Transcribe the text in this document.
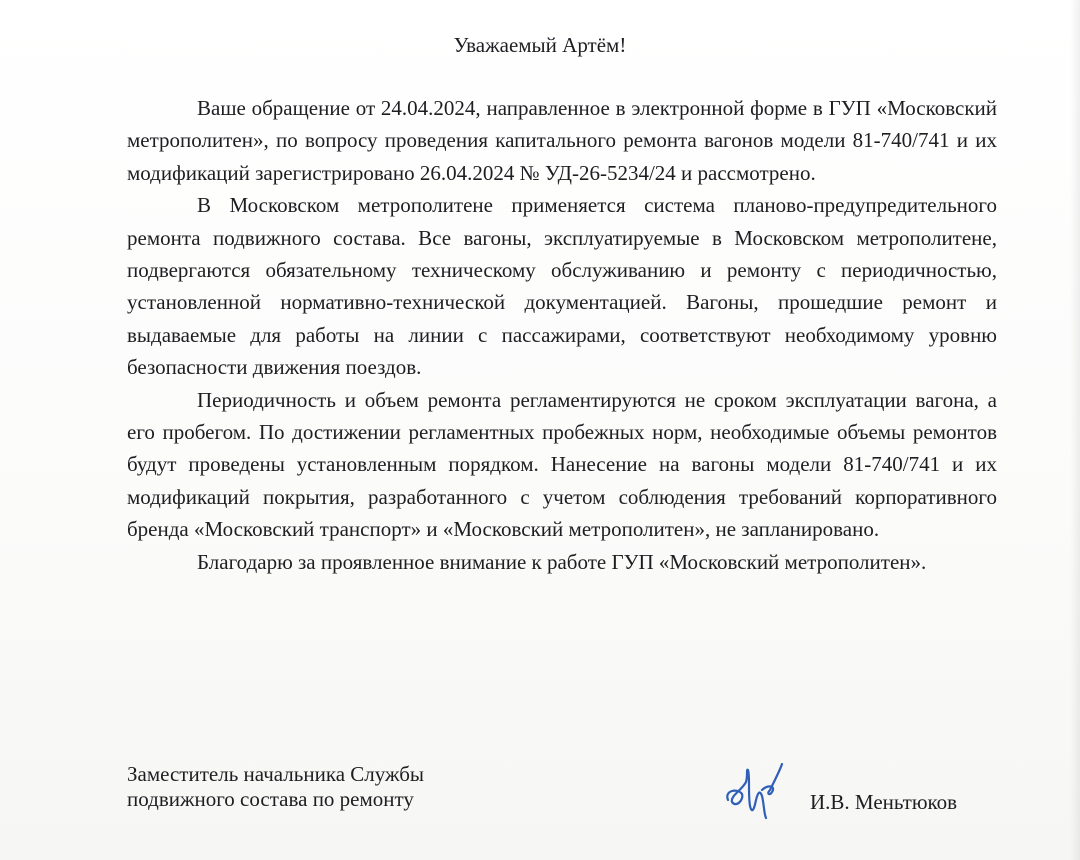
Уважаемый Артём!

Ваше обращение от 24.04.2024, направленное в электронной форме в ГУП «Московский метрополитен», по вопросу проведения капитального ремонта вагонов модели 81-740/741 и их модификаций зарегистрировано 26.04.2024 № УД-26-5234/24 и рассмотрено.

В Московском метрополитене применяется система планово-предупредительного ремонта подвижного состава. Все вагоны, эксплуатируемые в Московском метрополитене, подвергаются обязательному техническому обслуживанию и ремонту с периодичностью, установленной нормативно-технической документацией. Вагоны, прошедшие ремонт и выдаваемые для работы на линии с пассажирами, соответствуют необходимому уровню безопасности движения поездов.

Периодичность и объем ремонта регламентируются не сроком эксплуатации вагона, а его пробегом. По достижении регламентных пробежных норм, необходимые объемы ремонтов будут проведены установленным порядком. Нанесение на вагоны модели 81-740/741 и их модификаций покрытия, разработанного с учетом соблюдения требований корпоративного бренда «Московский транспорт» и «Московский метрополитен», не запланировано.

Благодарю за проявленное внимание к работе ГУП «Московский метрополитен».

Заместитель начальника Службы
подвижного состава по ремонту	И.В. Меньтюков
